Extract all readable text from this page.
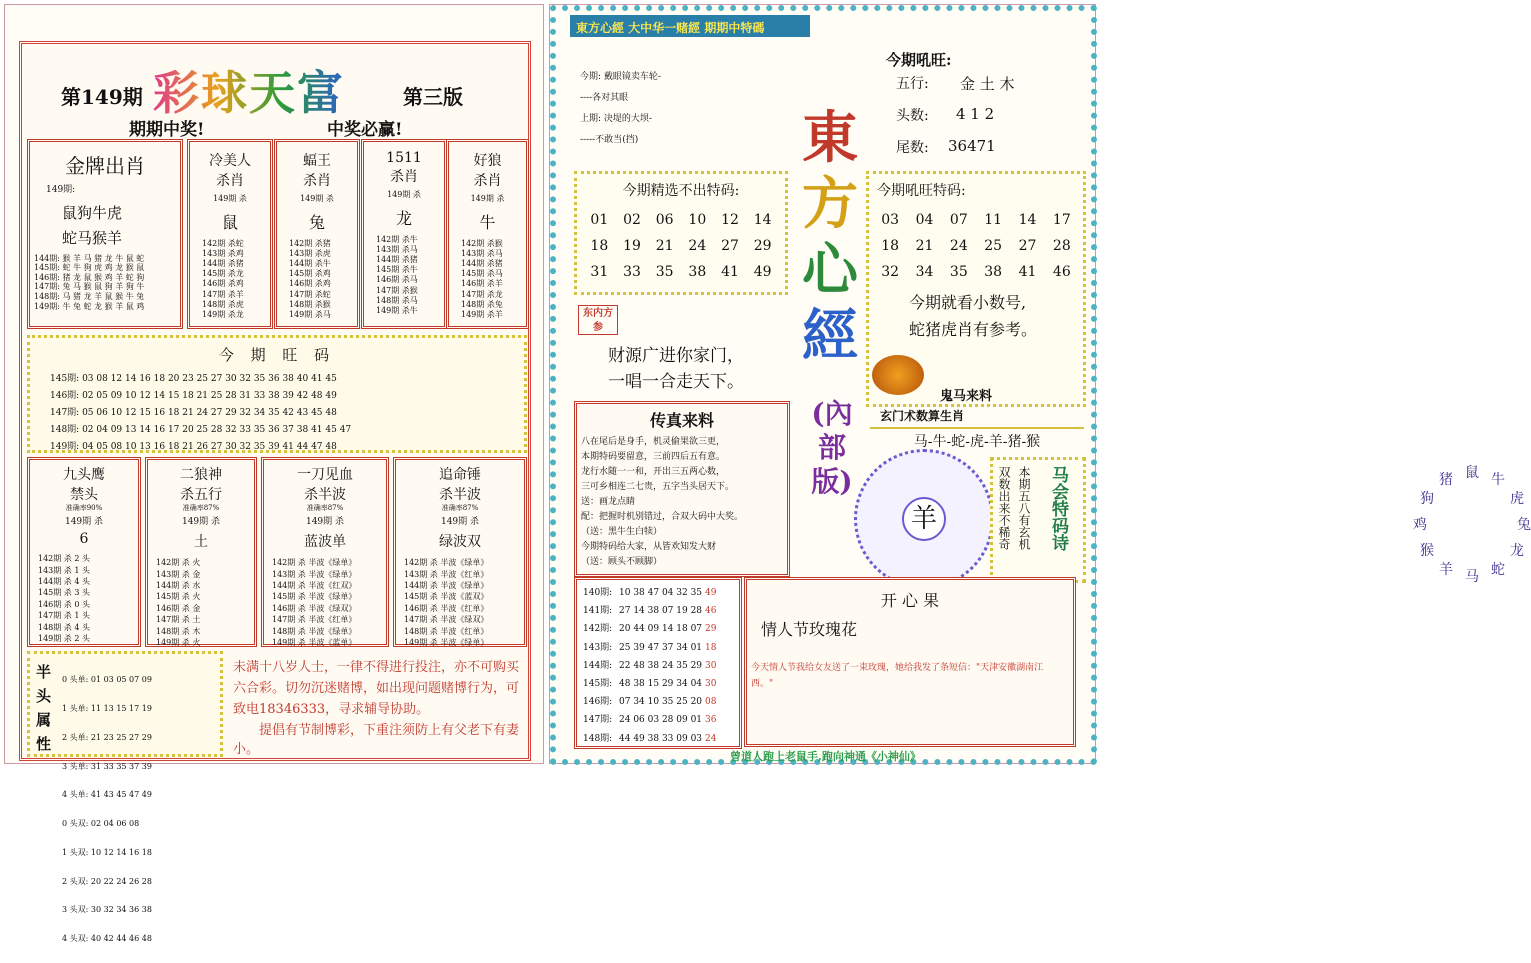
第149期 彩球天富	第三版
期期中奖!	中奖必赢!
金牌出肖
149期:
鼠狗牛虎
蛇马猴羊
144期: 猴 羊 马 猪 龙 牛 鼠 蛇
145期: 蛇 牛 狗 虎 鸡 龙 猴 鼠
146期: 猪 龙 鼠 猴 鸡 羊 蛇 狗
147期: 兔 马 猴 鼠 狗 羊 狗 牛
148期: 马 猪 龙 羊 鼠 猴 牛 兔
149期: 牛 兔 蛇 龙 猴 羊 鼠 鸡
冷美人
杀肖
149期 杀
鼠
142期 杀蛇
143期 杀鸡
144期 杀猪
145期 杀龙
146期 杀鸡
147期 杀羊
148期 杀虎
149期 杀龙
蝠王
杀肖
149期 杀
兔
142期 杀猪
143期 杀虎
144期 杀牛
145期 杀鸡
146期 杀鸡
147期 杀蛇
148期 杀猴
149期 杀马
1511
杀肖
149期 杀
龙
142期 杀牛
143期 杀马
144期 杀猪
145期 杀牛
146期 杀马
147期 杀猴
148期 杀马
149期 杀牛
好狼
杀肖
149期 杀
牛
142期 杀猴
143期 杀马
144期 杀猪
145期 杀马
146期 杀羊
147期 杀龙
148期 杀兔
149期 杀羊
今 期 旺 码
145期: 03 08 12 14 16 18 20 23 25 27 30 32 35 36 38 40 41 45
146期: 02 05 09 10 12 14 15 18 21 25 28 31 33 38 39 42 48 49
147期: 05 06 10 12 15 16 18 21 24 27 29 32 34 35 42 43 45 48
148期: 02 04 09 13 14 16 17 20 25 28 32 33 35 36 37 38 41 45 47
149期: 04 05 08 10 13 16 18 21 26 27 30 32 35 39 41 44 47 48
九头鹰
禁头
准确率90%
149期 杀
6
142期 杀 2 头
143期 杀 1 头
144期 杀 4 头
145期 杀 3 头
146期 杀 0 头
147期 杀 1 头
148期 杀 4 头
149期 杀 2 头
二狼神
杀五行
准确率87%
149期 杀
土
142期 杀 火
143期 杀 金
144期 杀 水
145期 杀 火
146期 杀 金
147期 杀 土
148期 杀 木
149期 杀 火
一刀见血
杀半波
准确率87%
149期 杀
蓝波单
142期 杀 半波《绿单》
143期 杀 半波《绿单》
144期 杀 半波《红双》
145期 杀 半波《绿单》
146期 杀 半波《绿双》
147期 杀 半波《红单》
148期 杀 半波《绿单》
149期 杀 半波《蓝单》
追命锤
杀半波
准确率87%
149期 杀
绿波双
142期 杀 半波《绿单》
143期 杀 半波《红单》
144期 杀 半波《绿单》
145期 杀 半波《蓝双》
146期 杀 半波《红单》
147期 杀 半波《绿双》
148期 杀 半波《红单》
149期 杀 半波《绿单》
半
头
属
性

0 头单: 01 03 05 07 09

1 头单: 11 13 15 17 19

2 头单: 21 23 25 27 29

3 头单: 31 33 35 37 39

4 头单: 41 43 45 47 49

0 头双: 02 04 06 08

1 头双: 10 12 14 16 18

2 头双: 20 22 24 26 28

3 头双: 30 32 34 36 38

4 头双: 40 42 44 46 48

未满十八岁人士，一律不得进行投注，亦不可购买六合彩。切勿沉迷赌博，如出现问题赌博行为，可致电18346333，寻求辅导协助。
提倡有节制博彩，下重注须防上有父老下有妻小。
東方心經 大中华一赌經 期期中特碼
今期: 戴眼镜卖车轮-
----各对其眼
上期: 决堤的大坝-
-----不敢当(挡)	東
方
心
經
(內部版)
今期吼旺:
五行: 金 土 木
头数: 4 1 2
尾数: 36471
今期精选不出特码:
01	02	06	10	12	14
18	19	21	24	27	29
31	33	35	38	41	49
今期吼旺特码:
03	04	07	11	14	17
18	21	24	25	27	28
32	34	35	38	41	46
今期就看小数号,
蛇猪虎肖有参考。
东内方参
财源广进你家门，
一唱一合走天下。
鬼马来料
玄门术数算生肖
马-牛-蛇-虎-羊-猪-猴
传真来料
八在尾后是身手，机灵偷果欲三更，
本期特码要留意，三前四后五有意。
龙行水随一一和，开出三五两心数，
三可乡相连二七贵，五字当头居天下。
送：画龙点睛
配：把握时机别错过，合双大码中大奖。
（送：黑牛生白犊）
今期特码给大家，从皆欢知发大财
（送：顾头不顾脚）
鼠 牛
虎
兔
龙
蛇
马
羊
猴
鸡
狗
猪
羊	双数出来不稀奇 本期五八有玄机	马会特码诗
140期: 10 38 47 04 32 35 49
141期: 27 14 38 07 19 28 46
142期: 20 44 09 14 18 07 29
143期: 25 39 47 37 34 01 18
144期: 22 48 38 24 35 29 30
145期: 48 38 15 29 34 04 30
146期: 07 34 10 35 25 20 08
147期: 24 06 03 28 09 01 36
148期: 44 49 38 33 09 03 24
开 心 果
情人节玫瑰花
今天情人节我给女友送了一束玫瑰，她给我发了条短信："天津安徽湖南江西。"
曾道人跑上老鼠手,跑向神通《小神仙》
